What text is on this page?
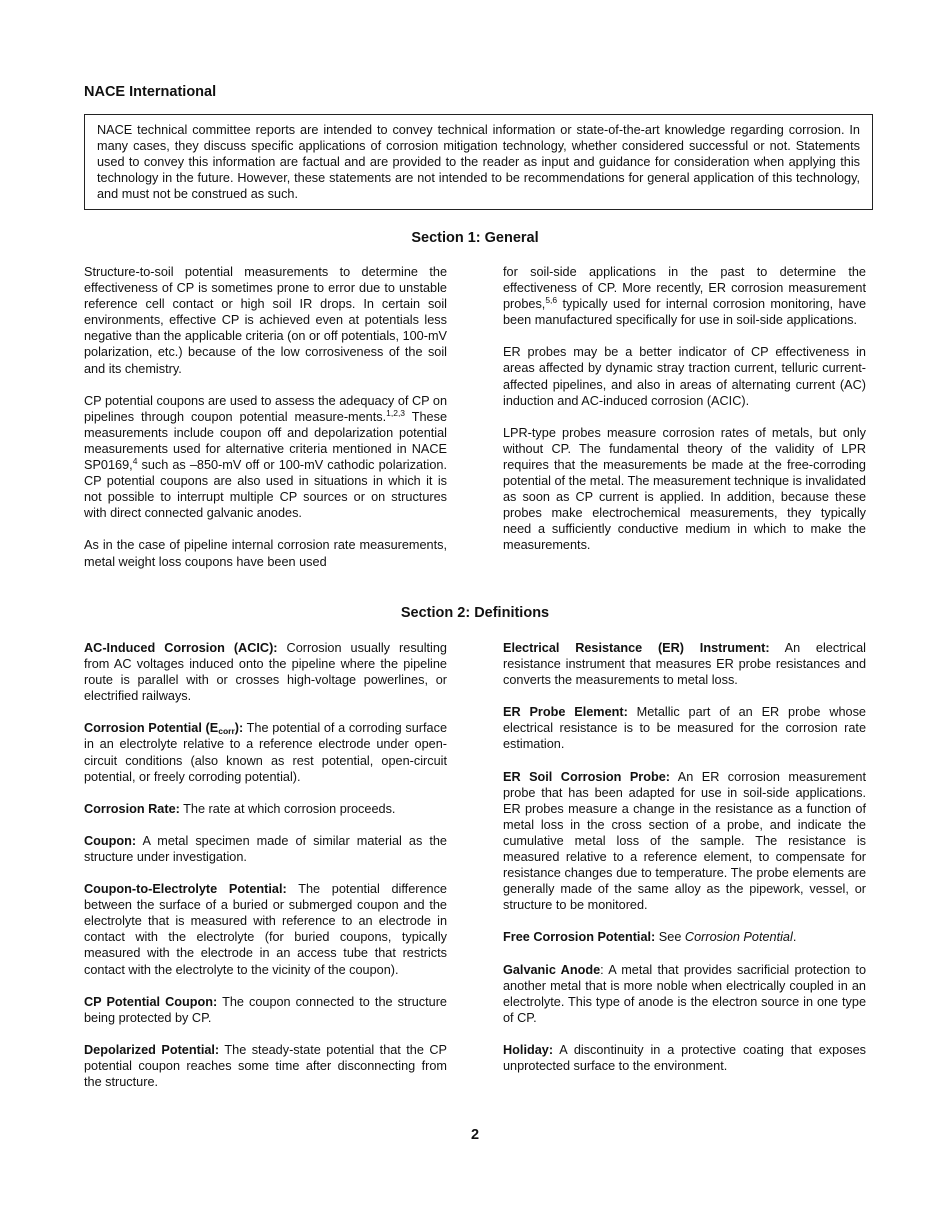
NACE International
NACE technical committee reports are intended to convey technical information or state-of-the-art knowledge regarding corrosion. In many cases, they discuss specific applications of corrosion mitigation technology, whether considered successful or not. Statements used to convey this information are factual and are provided to the reader as input and guidance for consideration when applying this technology in the future. However, these statements are not intended to be recommendations for general application of this technology, and must not be construed as such.
Section 1: General

Structure-to-soil potential measurements to determine the effectiveness of CP is sometimes prone to error due to unstable reference cell contact or high soil IR drops. In certain soil environments, effective CP is achieved even at potentials less negative than the applicable criteria (on or off potentials, 100-mV polarization, etc.) because of the low corrosiveness of the soil and its chemistry.

CP potential coupons are used to assess the adequacy of CP on pipelines through coupon potential measure-ments.$^{1,2,3}$ These measurements include coupon off and depolarization potential measurements used for alternative criteria mentioned in NACE SP0169,$^4$ such as –850-mV off or 100-mV cathodic polarization. CP potential coupons are also used in situations in which it is not possible to interrupt multiple CP sources or on structures with direct connected galvanic anodes.

As in the case of pipeline internal corrosion rate measurements, metal weight loss coupons have been used

for soil-side applications in the past to determine the effectiveness of CP. More recently, ER corrosion measurement probes,$^{5,6}$ typically used for internal corrosion monitoring, have been manufactured specifically for use in soil-side applications.

ER probes may be a better indicator of CP effectiveness in areas affected by dynamic stray traction current, telluric current-affected pipelines, and also in areas of alternating current (AC) induction and AC-induced corrosion (ACIC).

LPR-type probes measure corrosion rates of metals, but only without CP. The fundamental theory of the validity of LPR requires that the measurements be made at the free-corroding potential of the metal. The measurement technique is invalidated as soon as CP current is applied. In addition, because these probes make electrochemical measurements, they typically need a sufficiently conductive medium in which to make the measurements.

Section 2: Definitions

AC-Induced Corrosion (ACIC): Corrosion usually resulting from AC voltages induced onto the pipeline where the pipeline route is parallel with or crosses high-voltage powerlines, or electrified railways.

Corrosion Potential $(E_{corr})$: The potential of a corroding surface in an electrolyte relative to a reference electrode under open-circuit conditions (also known as rest potential, open-circuit potential, or freely corroding potential).

Corrosion Rate: The rate at which corrosion proceeds.

Coupon: A metal specimen made of similar material as the structure under investigation.

Coupon-to-Electrolyte Potential: The potential difference between the surface of a buried or submerged coupon and the electrolyte that is measured with reference to an electrode in contact with the electrolyte (for buried coupons, typically measured with the electrode in an access tube that restricts contact with the electrolyte to the vicinity of the coupon).

CP Potential Coupon: The coupon connected to the structure being protected by CP.

Depolarized Potential: The steady-state potential that the CP potential coupon reaches some time after disconnecting from the structure.

Electrical Resistance (ER) Instrument: An electrical resistance instrument that measures ER probe resistances and converts the measurements to metal loss.

ER Probe Element: Metallic part of an ER probe whose electrical resistance is to be measured for the corrosion rate estimation.

ER Soil Corrosion Probe: An ER corrosion measurement probe that has been adapted for use in soil-side applications. ER probes measure a change in the resistance as a function of metal loss in the cross section of a probe, and indicate the cumulative metal loss of the sample. The resistance is measured relative to a reference element, to compensate for resistance changes due to temperature. The probe elements are generally made of the same alloy as the pipework, vessel, or structure to be monitored.

Free Corrosion Potential: See Corrosion Potential.

Galvanic Anode: A metal that provides sacrificial protection to another metal that is more noble when electrically coupled in an electrolyte. This type of anode is the electron source in one type of CP.

Holiday: A discontinuity in a protective coating that exposes unprotected surface to the environment.

2
